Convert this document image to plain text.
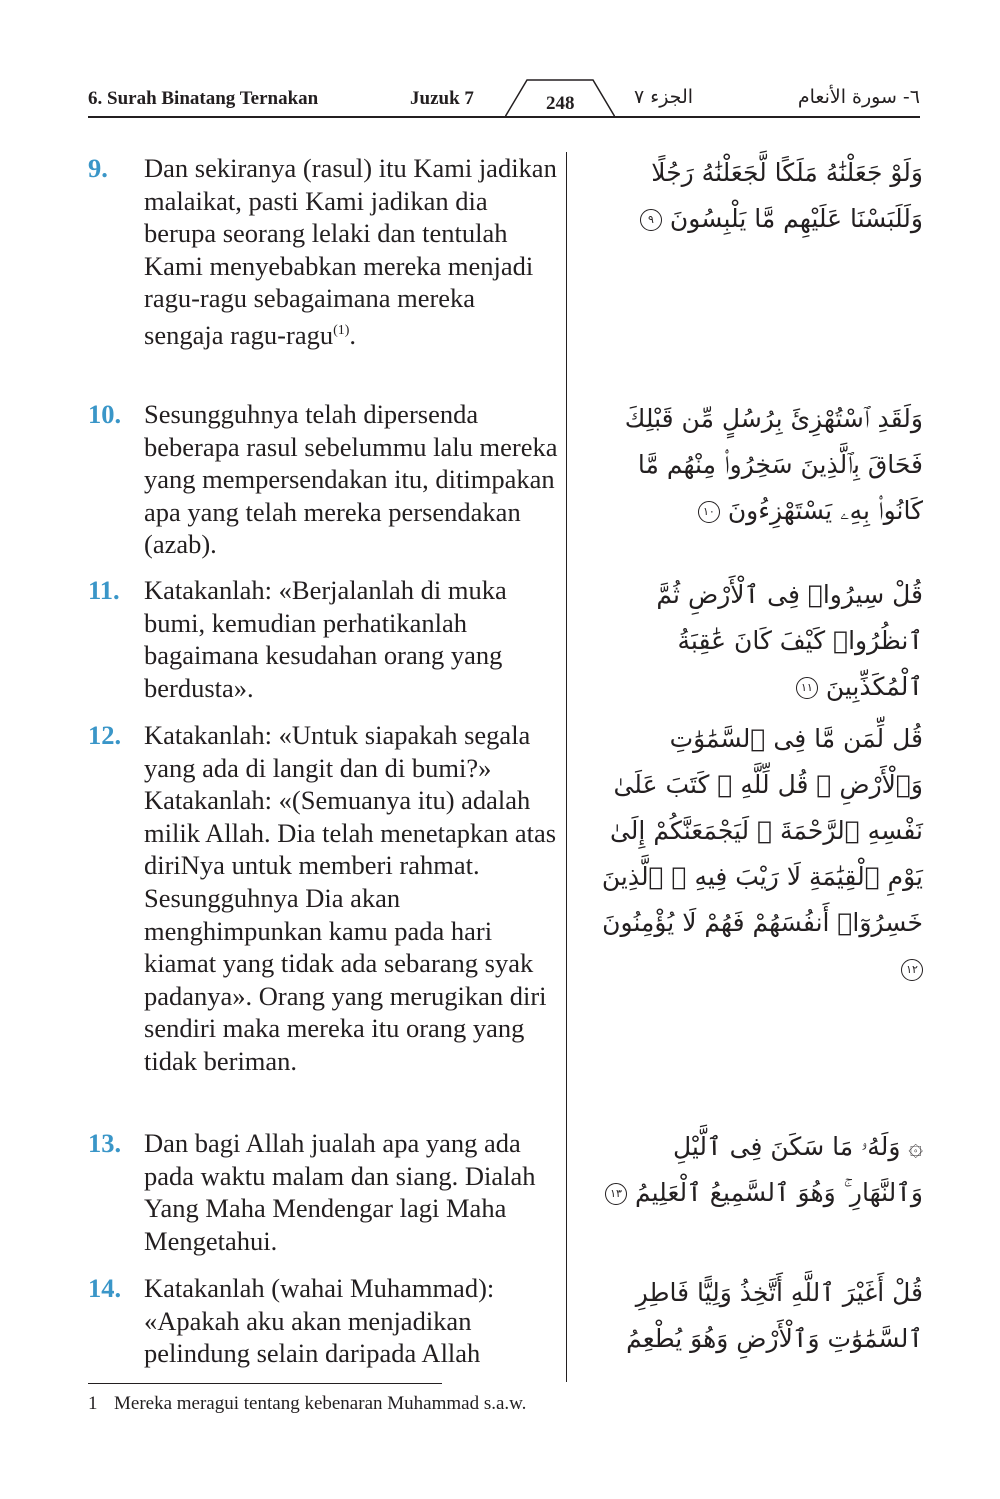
6. Surah Binatang Ternakan	Juzuk 7	248	الجزء ٧	٦- سورة الأنعام
9. Dan sekiranya (rasul) itu Kami jadikan malaikat, pasti Kami jadikan dia berupa seorang lelaki dan tentulah Kami menyebabkan mereka menjadi ragu-ragu sebagaimana mereka sengaja ragu-ragu$^{(1)}$.
وَلَوْ جَعَلْنَٰهُ مَلَكًا لَّجَعَلْنَٰهُ رَجُلًا وَلَلَبَسْنَا عَلَيْهِم مَّا يَلْبِسُونَ ٩
10. Sesungguhnya telah dipersenda beberapa rasul sebelummu lalu mereka yang mempersendakan itu, ditimpakan apa yang telah mereka persendakan (azab).
وَلَقَدِ ٱسْتُهْزِئَ بِرُسُلٍ مِّن قَبْلِكَ فَحَاقَ بِٱلَّذِينَ سَخِرُوا۟ مِنْهُم مَّا كَانُوا۟ بِهِۦ يَسْتَهْزِءُونَ ١٠
11. Katakanlah: «Berjalanlah di muka bumi, kemudian perhatikanlah bagaimana kesudahan orang yang berdusta».
قُلْ سِيرُوا۟ فِى ٱلْأَرْضِ ثُمَّ ٱنظُرُوا۟ كَيْفَ كَانَ عَٰقِبَةُ ٱلْمُكَذِّبِينَ ١١
12. Katakanlah: «Untuk siapakah segala yang ada di langit dan di bumi?» Katakanlah: «(Semuanya itu) adalah milik Allah. Dia telah menetapkan atas diriNya untuk memberi rahmat. Sesungguhnya Dia akan menghimpunkan kamu pada hari kiamat yang tidak ada sebarang syak padanya». Orang yang merugikan diri sendiri maka mereka itu orang yang tidak beriman.
قُل لِّمَن مَّا فِى ٱلسَّمَٰوَٰتِ وَٱلْأَرْضِ ۖ قُل لِّلَّهِ ۚ كَتَبَ عَلَىٰ نَفْسِهِ ٱلرَّحْمَةَ ۚ لَيَجْمَعَنَّكُمْ إِلَىٰ يَوْمِ ٱلْقِيَٰمَةِ لَا رَيْبَ فِيهِ ۚ ٱلَّذِينَ خَسِرُوٓا۟ أَنفُسَهُمْ فَهُمْ لَا يُؤْمِنُونَ ١٢
13. Dan bagi Allah jualah apa yang ada pada waktu malam dan siang. Dialah Yang Maha Mendengar lagi Maha Mengetahui.
۞ وَلَهُۥ مَا سَكَنَ فِى ٱلَّيْلِ وَٱلنَّهَارِ ۚ وَهُوَ ٱلسَّمِيعُ ٱلْعَلِيمُ ١٣
14. Katakanlah (wahai Muhammad): «Apakah aku akan menjadikan pelindung selain daripada Allah
قُلْ أَغَيْرَ ٱللَّهِ أَتَّخِذُ وَلِيًّا فَاطِرِ ٱلسَّمَٰوَٰتِ وَٱلْأَرْضِ وَهُوَ يُطْعِمُ
1 Mereka meragui tentang kebenaran Muhammad s.a.w.
